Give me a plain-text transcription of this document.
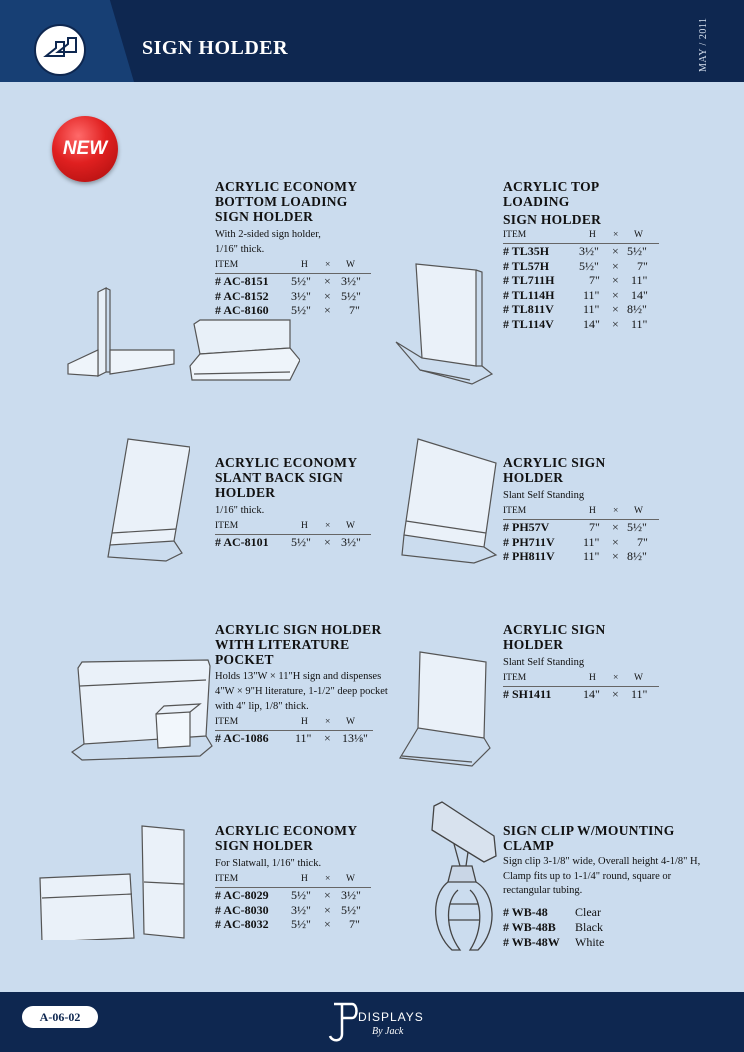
SIGN HOLDER	MAY / 2011
NEW
ACRYLIC ECONOMY
BOTTOM LOADING
SIGN HOLDER
With 2-sided sign holder,
1/16" thick.
ITEM	H × W
# AC-8151 5½" × 3½"
# AC-8152 3½" × 5½"
# AC-8160 5½" × 7"
ACRYLIC TOP LOADING
SIGN HOLDER
ITEM	H × W
# TL35H 3½" × 5½"
# TL57H 5½" × 7"
# TL711H	7" × 11"
# TL114H 11" × 14"
# TL811V 11" × 8½"
# TL114V 14" × 11"
ACRYLIC ECONOMY
SLANT BACK SIGN
HOLDER
1/16" thick.
ITEM	H × W
# AC-8101 5½" × 3½"
ACRYLIC SIGN HOLDER
Slant Self Standing
ITEM	H × W
# PH57V	7" × 5½"
# PH711V 11" × 7"
# PH811V 11" × 8½"
ACRYLIC SIGN HOLDER
WITH LITERATURE
POCKET
Holds 13"W × 11"H sign and dispenses
4"W × 9"H literature, 1-1/2" deep pocket
with 4" lip, 1/8" thick.
ITEM	H × W
# AC-1086 11" × 13⅛"
ACRYLIC SIGN
HOLDER
Slant Self Standing
ITEM	H × W
# SH1411	14" × 11"
ACRYLIC ECONOMY
SIGN HOLDER
For Slatwall, 1/16" thick.
ITEM	H × W
# AC-8029 5½" × 3½"
# AC-8030 3½" × 5½"
# AC-8032 5½" × 7"
SIGN CLIP W/MOUNTING
CLAMP
Sign clip 3-1/8" wide, Overall height 4-1/8" H,
Clamp fits up to 1-1/4" round, square or
rectangular tubing.
# WB-48 Clear
# WB-48B Black
# WB-48W White
A-06-02	DISPLAYS
By Jack
